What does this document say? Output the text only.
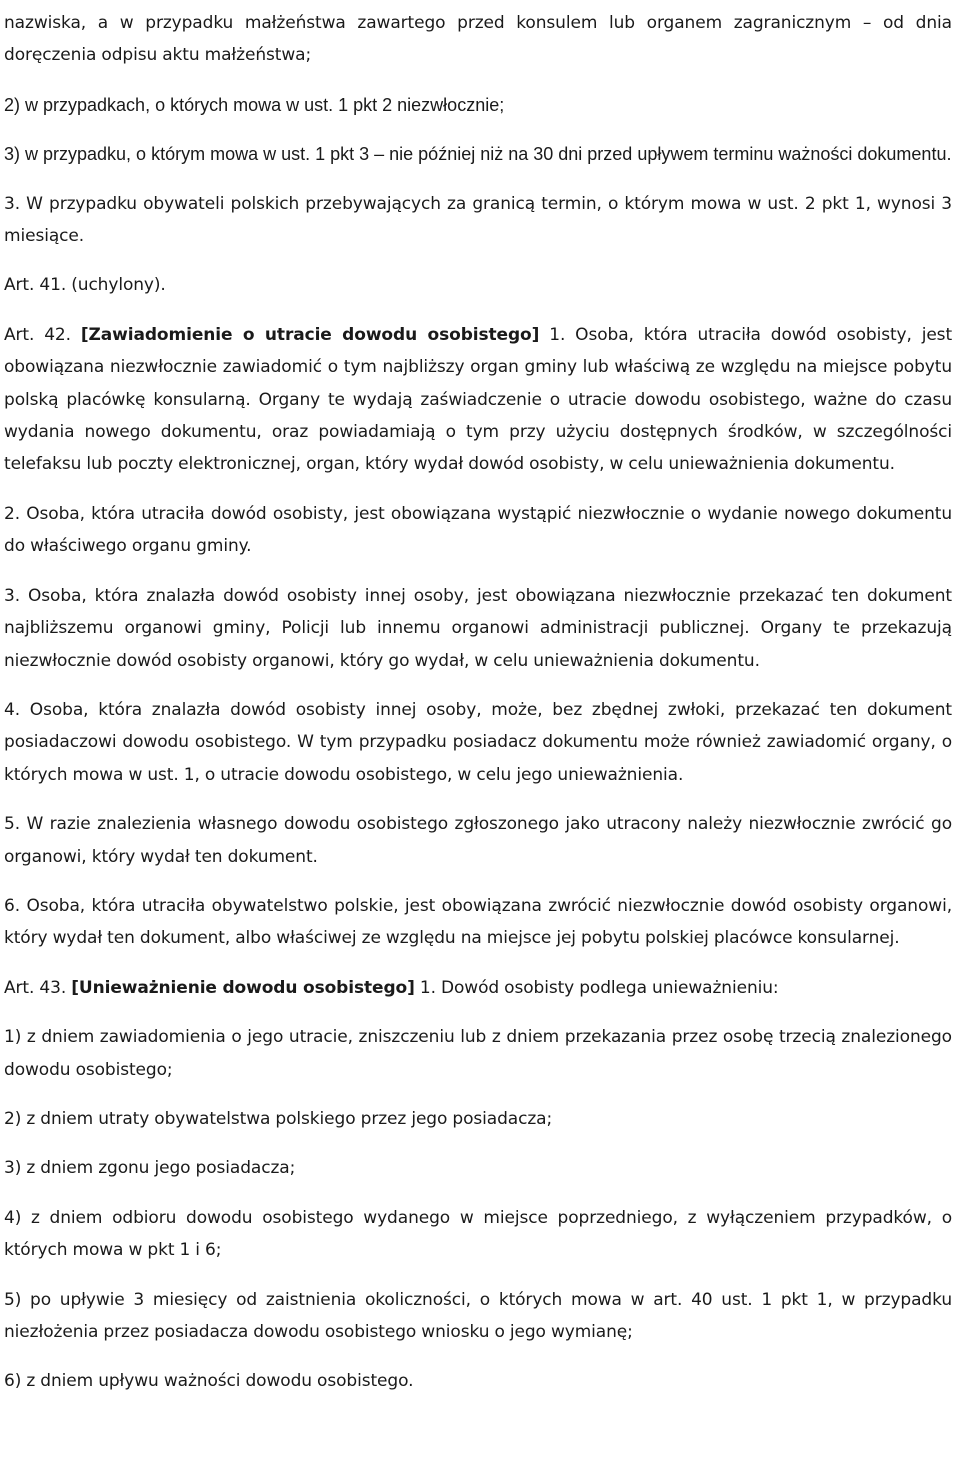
nazwiska, a w przypadku małżeństwa zawartego przed konsulem lub organem zagranicznym – od dnia doręczenia odpisu aktu małżeństwa;

2) w przypadkach, o których mowa w ust. 1 pkt 2 niezwłocznie;

3) w przypadku, o którym mowa w ust. 1 pkt 3 – nie później niż na 30 dni przed upływem terminu ważności dokumentu.

3. W przypadku obywateli polskich przebywających za granicą termin, o którym mowa w ust. 2 pkt 1, wynosi 3 miesiące.

Art. 41. (uchylony).

Art. 42. [Zawiadomienie o utracie dowodu osobistego] 1. Osoba, która utraciła dowód osobisty, jest obowiązana niezwłocznie zawiadomić o tym najbliższy organ gminy lub właściwą ze względu na miejsce pobytu polską placówkę konsularną. Organy te wydają zaświadczenie o utracie dowodu osobistego, ważne do czasu wydania nowego dokumentu, oraz powiadamiają o tym przy użyciu dostępnych środków, w szczególności telefaksu lub poczty elektronicznej, organ, który wydał dowód osobisty, w celu unieważnienia dokumentu.

2. Osoba, która utraciła dowód osobisty, jest obowiązana wystąpić niezwłocznie o wydanie nowego dokumentu do właściwego organu gminy.

3. Osoba, która znalazła dowód osobisty innej osoby, jest obowiązana niezwłocznie przekazać ten dokument najbliższemu organowi gminy, Policji lub innemu organowi administracji publicznej. Organy te przekazują niezwłocznie dowód osobisty organowi, który go wydał, w celu unieważnienia dokumentu.

4. Osoba, która znalazła dowód osobisty innej osoby, może, bez zbędnej zwłoki, przekazać ten dokument posiadaczowi dowodu osobistego. W tym przypadku posiadacz dokumentu może również zawiadomić organy, o których mowa w ust. 1, o utracie dowodu osobistego, w celu jego unieważnienia.

5. W razie znalezienia własnego dowodu osobistego zgłoszonego jako utracony należy niezwłocznie zwrócić go organowi, który wydał ten dokument.

6. Osoba, która utraciła obywatelstwo polskie, jest obowiązana zwrócić niezwłocznie dowód osobisty organowi, który wydał ten dokument, albo właściwej ze względu na miejsce jej pobytu polskiej placówce konsularnej.

Art. 43. [Unieważnienie dowodu osobistego] 1. Dowód osobisty podlega unieważnieniu:

1) z dniem zawiadomienia o jego utracie, zniszczeniu lub z dniem przekazania przez osobę trzecią znalezionego dowodu osobistego;

2) z dniem utraty obywatelstwa polskiego przez jego posiadacza;

3) z dniem zgonu jego posiadacza;

4) z dniem odbioru dowodu osobistego wydanego w miejsce poprzedniego, z wyłączeniem przypadków, o których mowa w pkt 1 i 6;

5) po upływie 3 miesięcy od zaistnienia okoliczności, o których mowa w art. 40 ust. 1 pkt 1, w przypadku niezłożenia przez posiadacza dowodu osobistego wniosku o jego wymianę;

6) z dniem upływu ważności dowodu osobistego.
